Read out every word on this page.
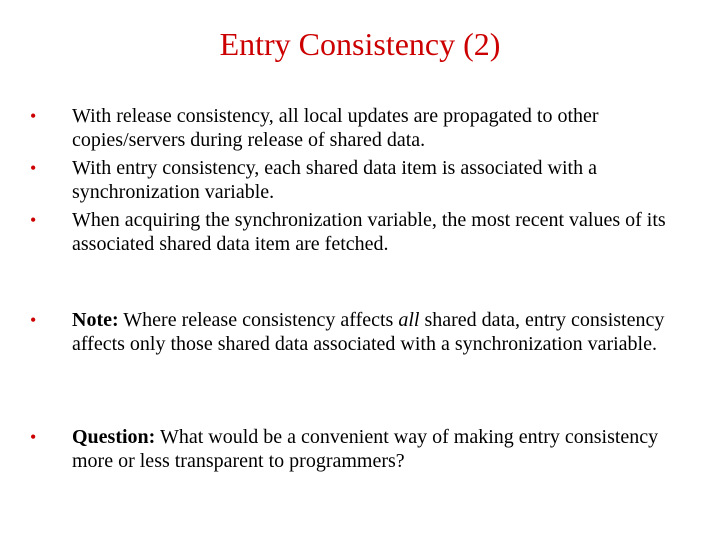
Entry Consistency (2)
• With release consistency, all local updates are propagated to other copies/servers during release of shared data.
• With entry consistency, each shared data item is associated with a synchronization variable.
• When acquiring the synchronization variable, the most recent values of its associated shared data item are fetched.
• Note: Where release consistency affects all shared data, entry consistency affects only those shared data associated with a synchronization variable.
• Question: What would be a convenient way of making entry consistency more or less transparent to programmers?
